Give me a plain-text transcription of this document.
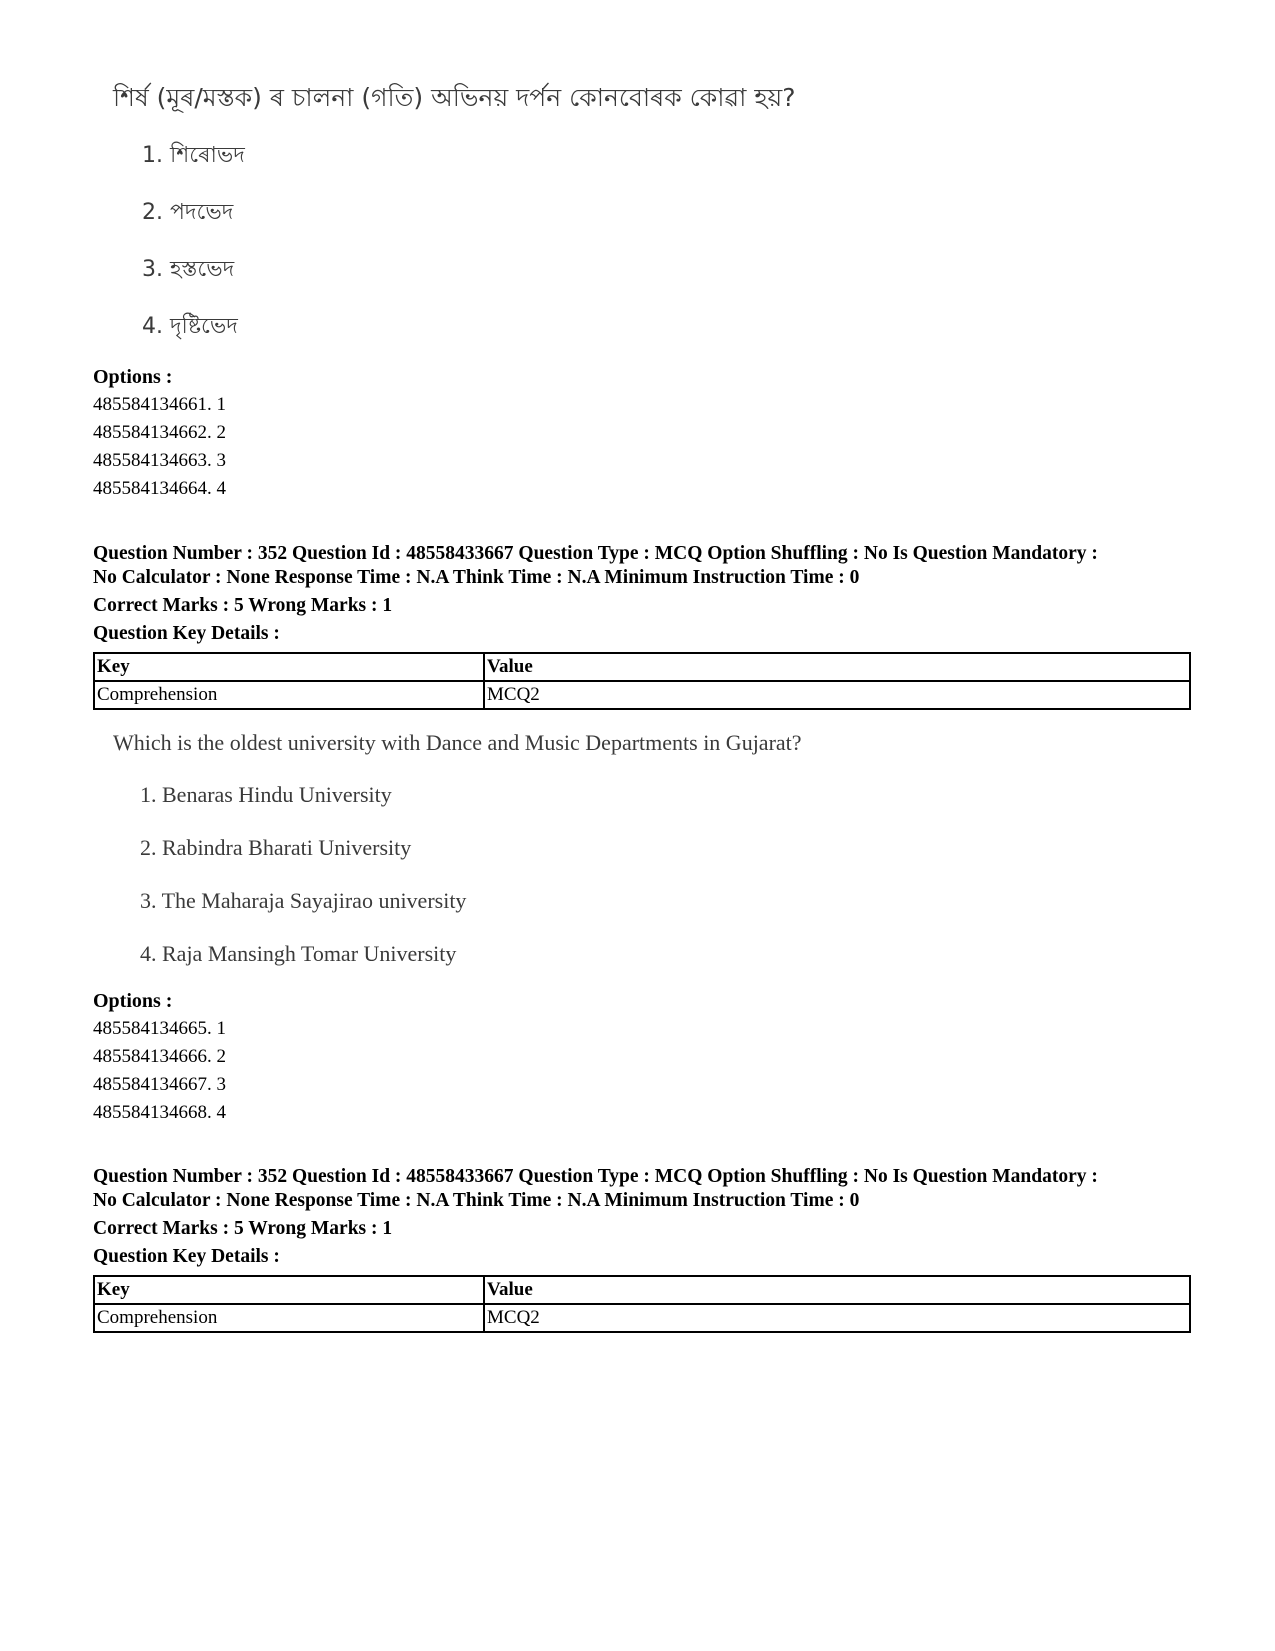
শিৰ্ষ (মূৰ/মস্তক) ৰ চালনা (গতি) অভিনয় দৰ্পন কোনবোৰক কোৱা হয়?
1. শিৰোভদ
2. পদভেদ
3. হস্তভেদ
4. দৃষ্টিভেদ
Options :
485584134661. 1
485584134662. 2
485584134663. 3
485584134664. 4
Question Number : 352 Question Id : 48558433667 Question Type : MCQ Option Shuffling : No Is Question Mandatory :
No Calculator : None Response Time : N.A Think Time : N.A Minimum Instruction Time : 0
Correct Marks : 5 Wrong Marks : 1
Question Key Details :
Key	Value
Comprehension	MCQ2
Which is the oldest university with Dance and Music Departments in Gujarat?
1. Benaras Hindu University
2. Rabindra Bharati University
3. The Maharaja Sayajirao university
4. Raja Mansingh Tomar University
Options :
485584134665. 1
485584134666. 2
485584134667. 3
485584134668. 4
Question Number : 352 Question Id : 48558433667 Question Type : MCQ Option Shuffling : No Is Question Mandatory :
No Calculator : None Response Time : N.A Think Time : N.A Minimum Instruction Time : 0
Correct Marks : 5 Wrong Marks : 1
Question Key Details :
Key	Value
Comprehension	MCQ2
